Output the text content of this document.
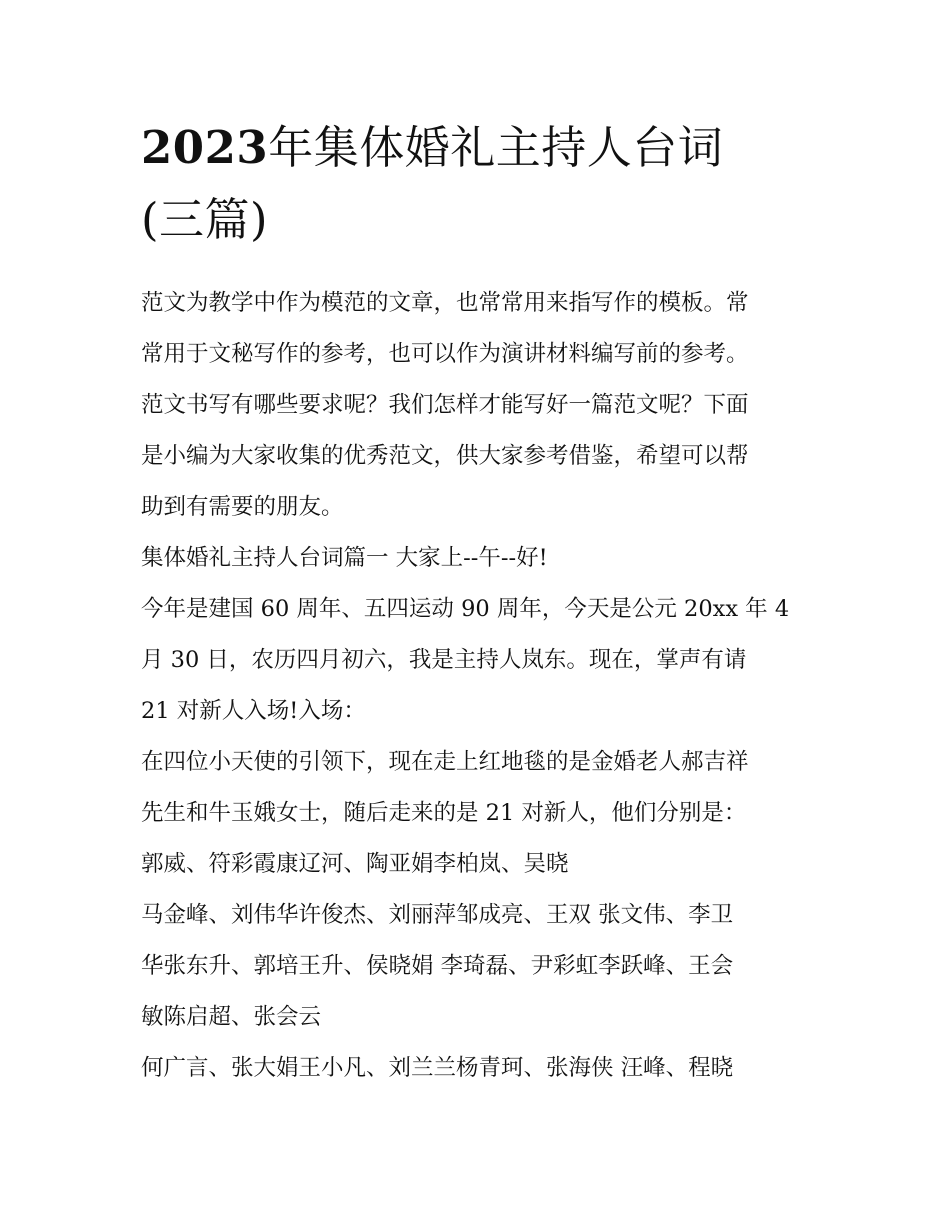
2023年集体婚礼主持人台词
(三篇)

范文为教学中作为模范的文章，也常常用来指写作的模板。常
常用于文秘写作的参考，也可以作为演讲材料编写前的参考。
范文书写有哪些要求呢？我们怎样才能写好一篇范文呢？下面
是小编为大家收集的优秀范文，供大家参考借鉴，希望可以帮
助到有需要的朋友。

集体婚礼主持人台词篇一 大家上--午--好!

今年是建国 60 周年、五四运动 90 周年，今天是公元 20xx 年 4
月 30 日，农历四月初六，我是主持人岚东。现在，掌声有请
21 对新人入场!入场：

在四位小天使的引领下，现在走上红地毯的是金婚老人郝吉祥
先生和牛玉娥女士，随后走来的是 21 对新人，他们分别是：

郭威、符彩霞康辽河、陶亚娟李柏岚、吴晓

马金峰、刘伟华许俊杰、刘丽萍邹成亮、王双 张文伟、李卫
华张东升、郭培王升、侯晓娟 李琦磊、尹彩虹李跃峰、王会
敏陈启超、张会云

何广言、张大娟王小凡、刘兰兰杨青珂、张海侠 汪峰、程晓
